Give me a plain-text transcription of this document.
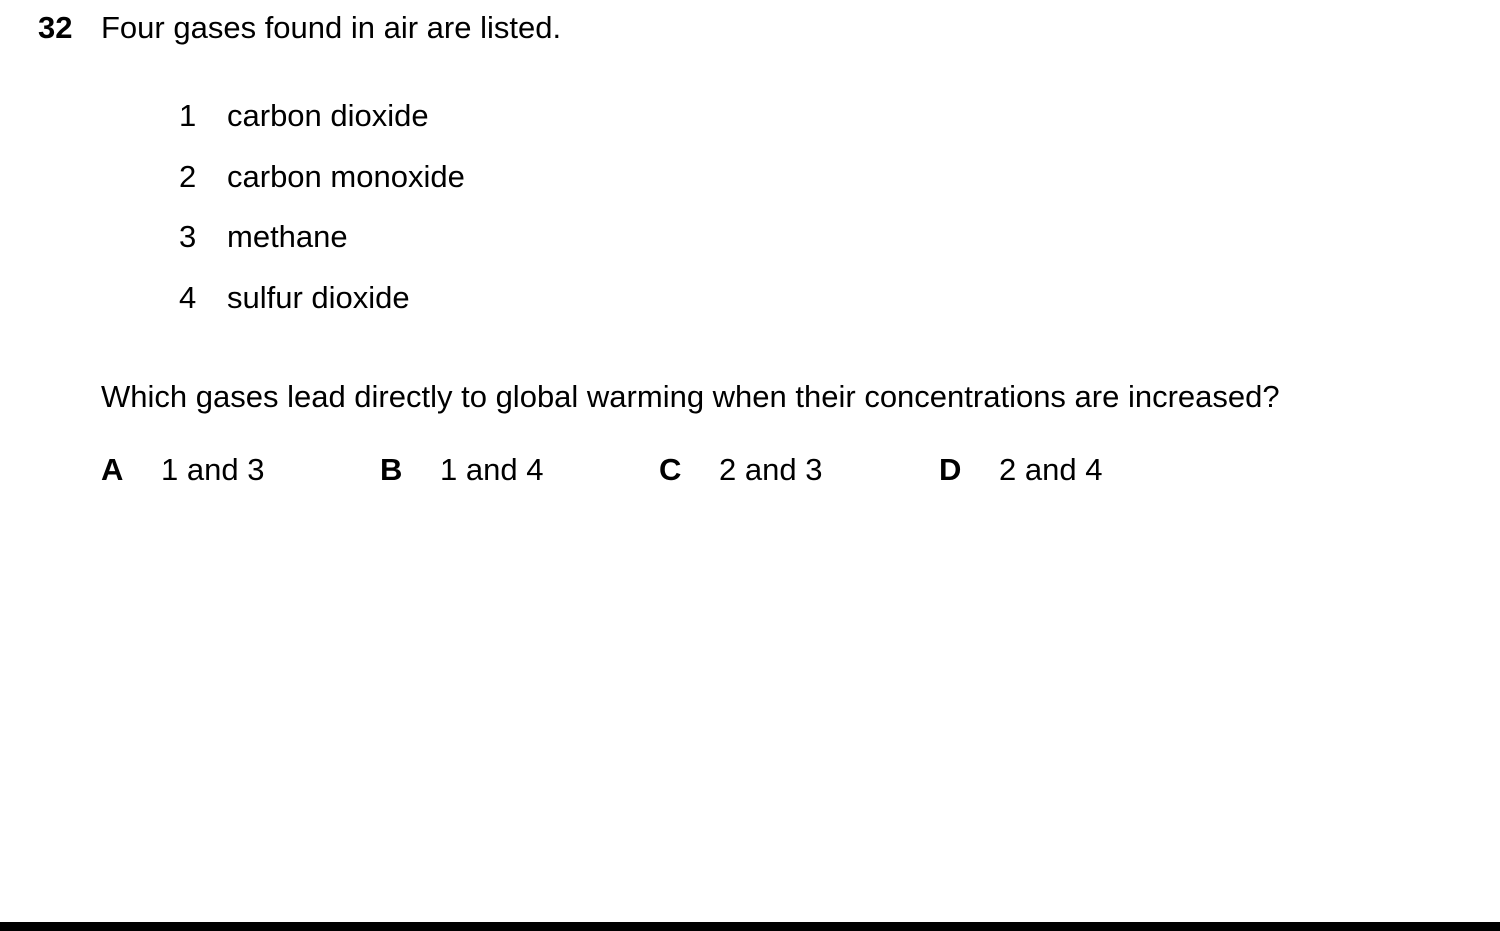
32 Four gases found in air are listed.
1 carbon dioxide
2 carbon monoxide
3 methane
4 sulfur dioxide
Which gases lead directly to global warming when their concentrations are increased?
A	1 and 3	B	1 and 4	C	2 and 3	D	2 and 4
